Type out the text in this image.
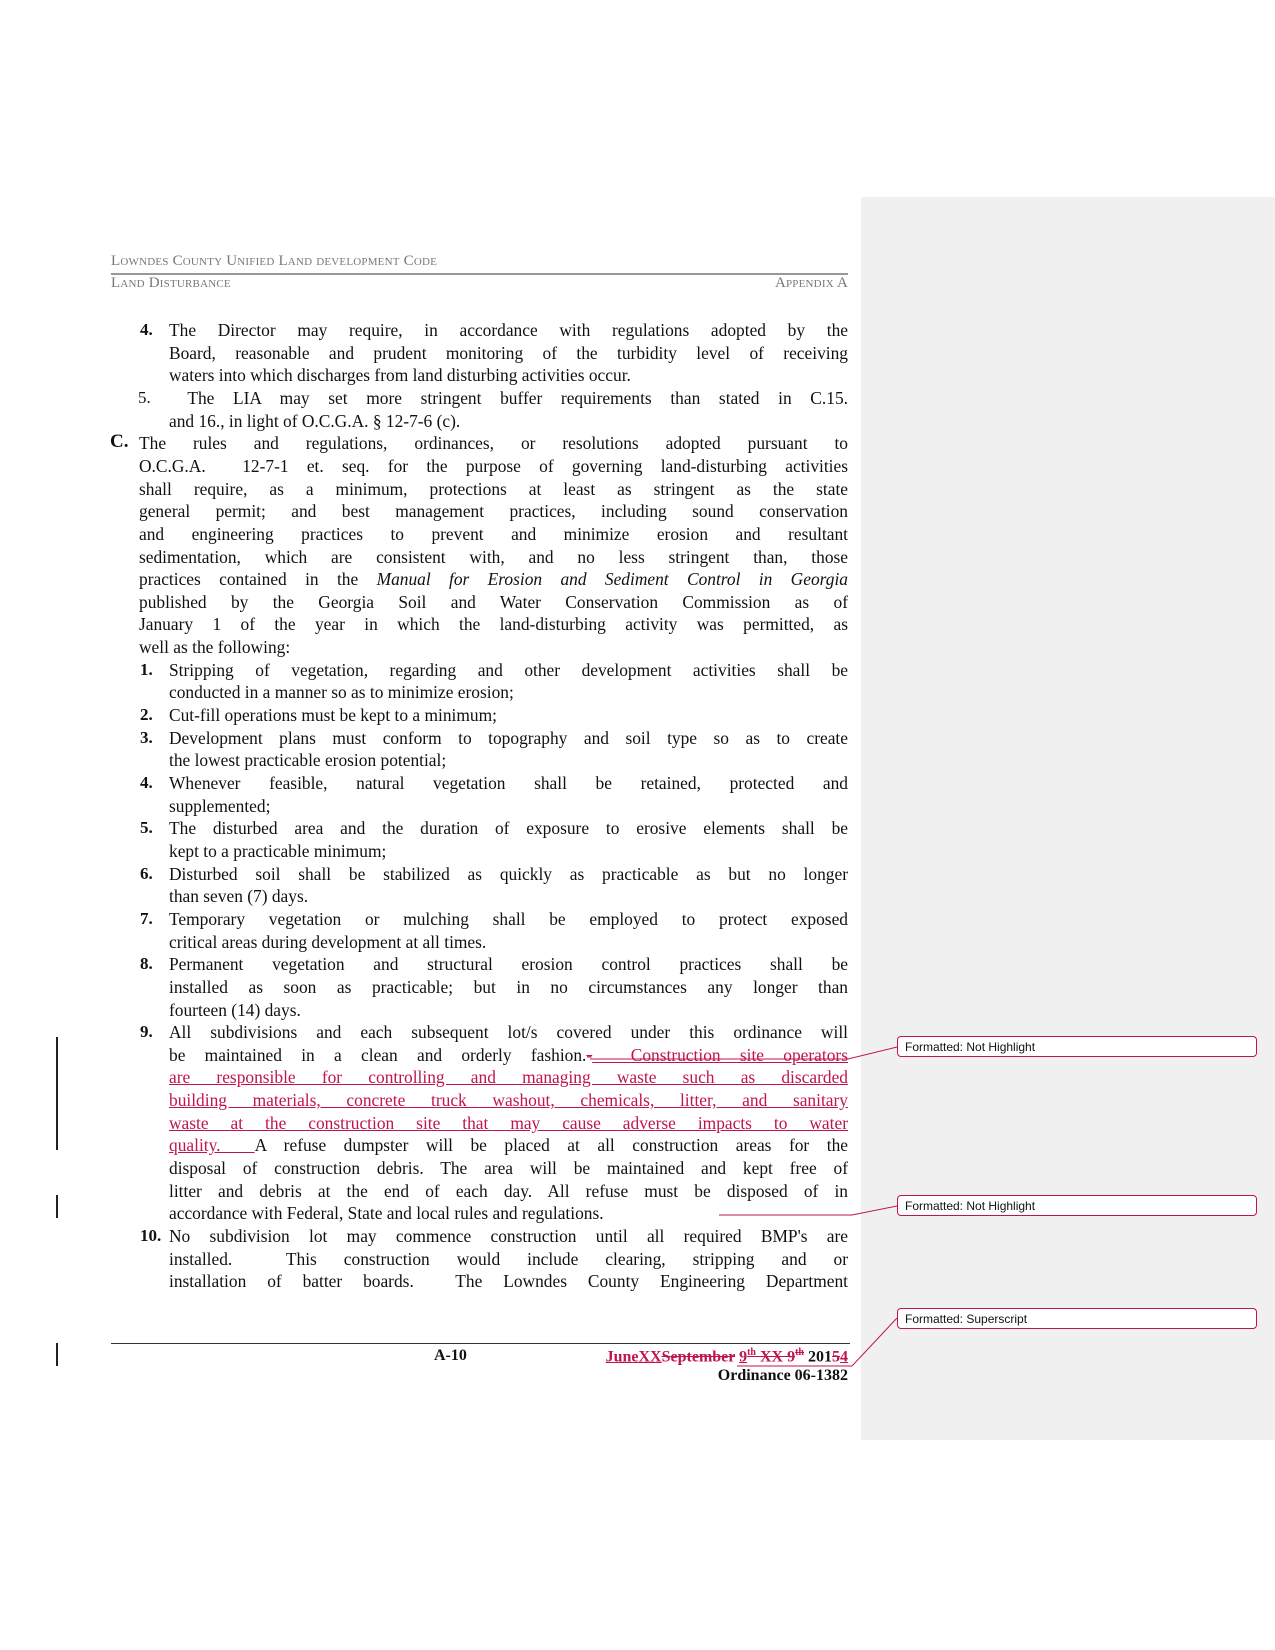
Lowndes County Unified Land development Code
Land Disturbance	Appendix A
4. The Director may require, in accordance with regulations adopted by the
Board, reasonable and prudent monitoring of the turbidity level of receiving
waters into which discharges from land disturbing activities occur.
5. The LIA may set more stringent buffer requirements than stated in C.15.
and 16., in light of O.C.G.A. § 12-7-6 (c).
C. The rules and regulations, ordinances, or resolutions adopted pursuant to
O.C.G.A.  12-7-1 et. seq. for the purpose of governing land-disturbing activities
shall require, as a minimum, protections at least as stringent as the state
general permit; and best management practices, including sound conservation
and engineering practices to prevent and minimize erosion and resultant
sedimentation, which are consistent with, and no less stringent than, those
practices contained in the Manual for Erosion and Sediment Control in Georgia
published by the Georgia Soil and Water Conservation Commission as of
January 1 of the year in which the land-disturbing activity was permitted, as
well as the following:
1. Stripping of vegetation, regarding and other development activities shall be
conducted in a manner so as to minimize erosion;
2. Cut-fill operations must be kept to a minimum;
3. Development plans must conform to topography and soil type so as to create
the lowest practicable erosion potential;
4. Whenever feasible, natural vegetation shall be retained, protected and
supplemented;
5. The disturbed area and the duration of exposure to erosive elements shall be
kept to a practicable minimum;
6. Disturbed soil shall be stabilized as quickly as practicable as but no longer
than seven (7) days.
7. Temporary vegetation or mulching shall be employed to protect exposed
critical areas during development at all times.
8. Permanent vegetation and structural erosion control practices shall be
installed as soon as practicable; but in no circumstances any longer than
fourteen (14) days.
9. All subdivisions and each subsequent lot/s covered under this ordinance will
be maintained in a clean and orderly fashion.-  Construction site operators
are responsible for controlling and managing waste such as discarded
building materials, concrete truck washout, chemicals, litter, and sanitary
waste at the construction site that may cause adverse impacts to water
quality.  A refuse dumpster will be placed at all construction areas for the
disposal of construction debris. The area will be maintained and kept free of
litter and debris at the end of each day. All refuse must be disposed of in
accordance with Federal, State and local rules and regulations.
10. No subdivision lot may commence construction until all required BMP's are
installed.  This construction would include clearing, stripping and or
installation of batter boards.  The Lowndes County Engineering Department
Formatted: Not Highlight
Formatted: Not Highlight
Formatted: Superscript
A-10	JuneXXSeptember 9th XX 9th 20154
Ordinance 06-1382
